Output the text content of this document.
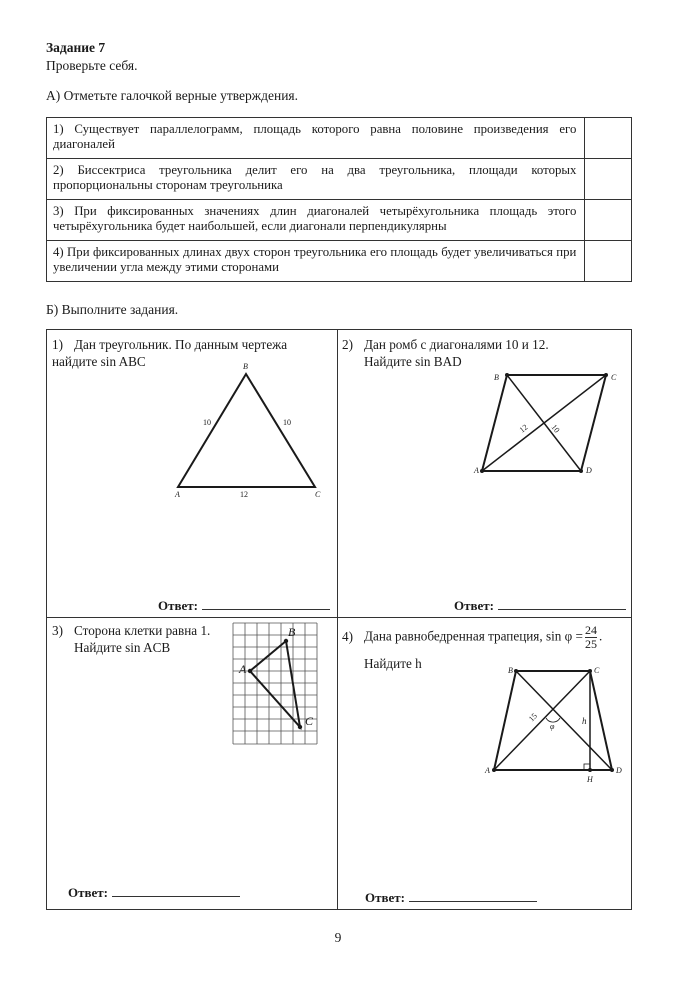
Задание 7
Проверьте себя.
А) Отметьте галочкой верные утверждения.
1) Существует параллелограмм, площадь которого равна половине произведения его диагоналей	
2) Биссектриса треугольника делит его на два треугольника, площади которых пропорциональны сторонам треугольника	
3) При фиксированных значениях длин диагоналей четырёхугольника площадь этого четырёхугольника будет наибольшей, если диагонали перпендикулярны	
4) При фиксированных длинах двух сторон треугольника его площадь будет увеличиваться при увеличении угла между этими сторонами	
Б) Выполните задания.
1) Дан треугольник. По данным чертежа найдите sin ABC
2) Дан ромб с диагоналями 10 и 12.
Найдите sin BAD
3) Сторона клетки равна 1.
Найдите sin ACB
4) Дана равнобедренная трапеция, $\sin \varphi = \frac{24}{25}$ .
Найдите h
Ответ:	Ответ:
Ответ:	Ответ:
A
B
C
10	10
12
A
B	C
D
12 10
A
B
C
A
B	C
D
H
15
φ
h
9
